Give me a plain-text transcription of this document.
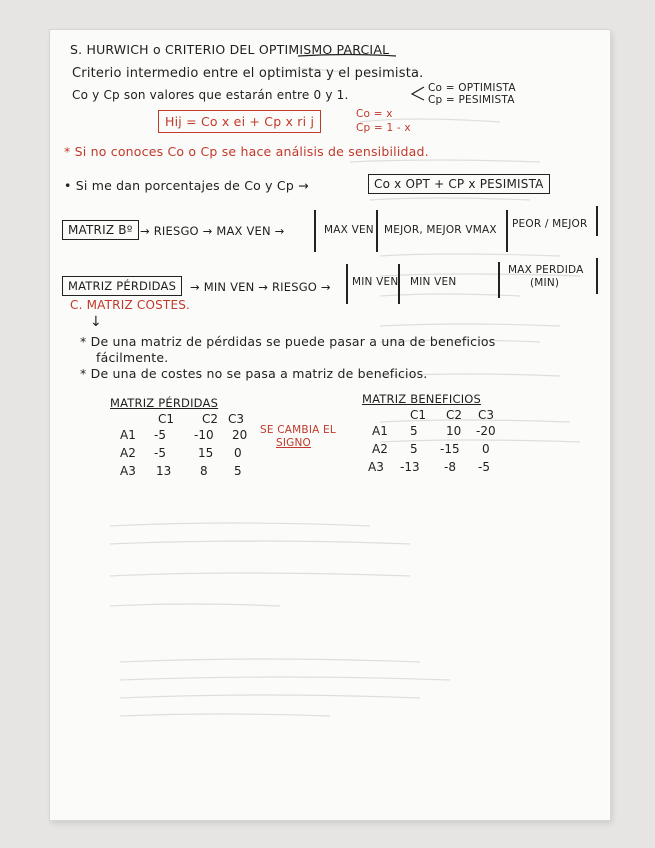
S. HURWICH o CRITERIO DEL OPTIMISMO PARCIAL
Criterio intermedio entre el optimista y el pesimista.
Co y Cp son valores que estarán entre 0 y 1.	Co = OPTIMISTA
Cp = PESIMISTA
Hij = Co x ei + Cp x ri j	Co = x
Cp = 1 - x
* Si no conoces Co o Cp se hace análisis de sensibilidad.
• Si me dan porcentajes de Co y Cp →	Co x OPT + CP x PESIMISTA
MATRIZ Bº → RIESGO → MAX VEN →	MAX VEN MEJOR, MEJOR VMAX PEOR / MEJOR
MATRIZ PÉRDIDAS	→ MIN VEN → RIESGO → MIN VEN MIN VEN
MAX PERDIDA
(MIN)
C. MATRIZ COSTES.
↓
* De una matriz de pérdidas se puede pasar a una de beneficios
fácilmente.
* De una de costes no se pasa a matriz de beneficios.
MATRIZ PÉRDIDAS
C1 C2 C3
A1 -5 -10 20
A2 -5	15 0
A3 13 8 5
SE CAMBIA EL
SIGNO
MATRIZ BENEFICIOS
C1 C2 C3
A1 5 10 -20
A2 5 -15 0
A3 -13 -8 -5
